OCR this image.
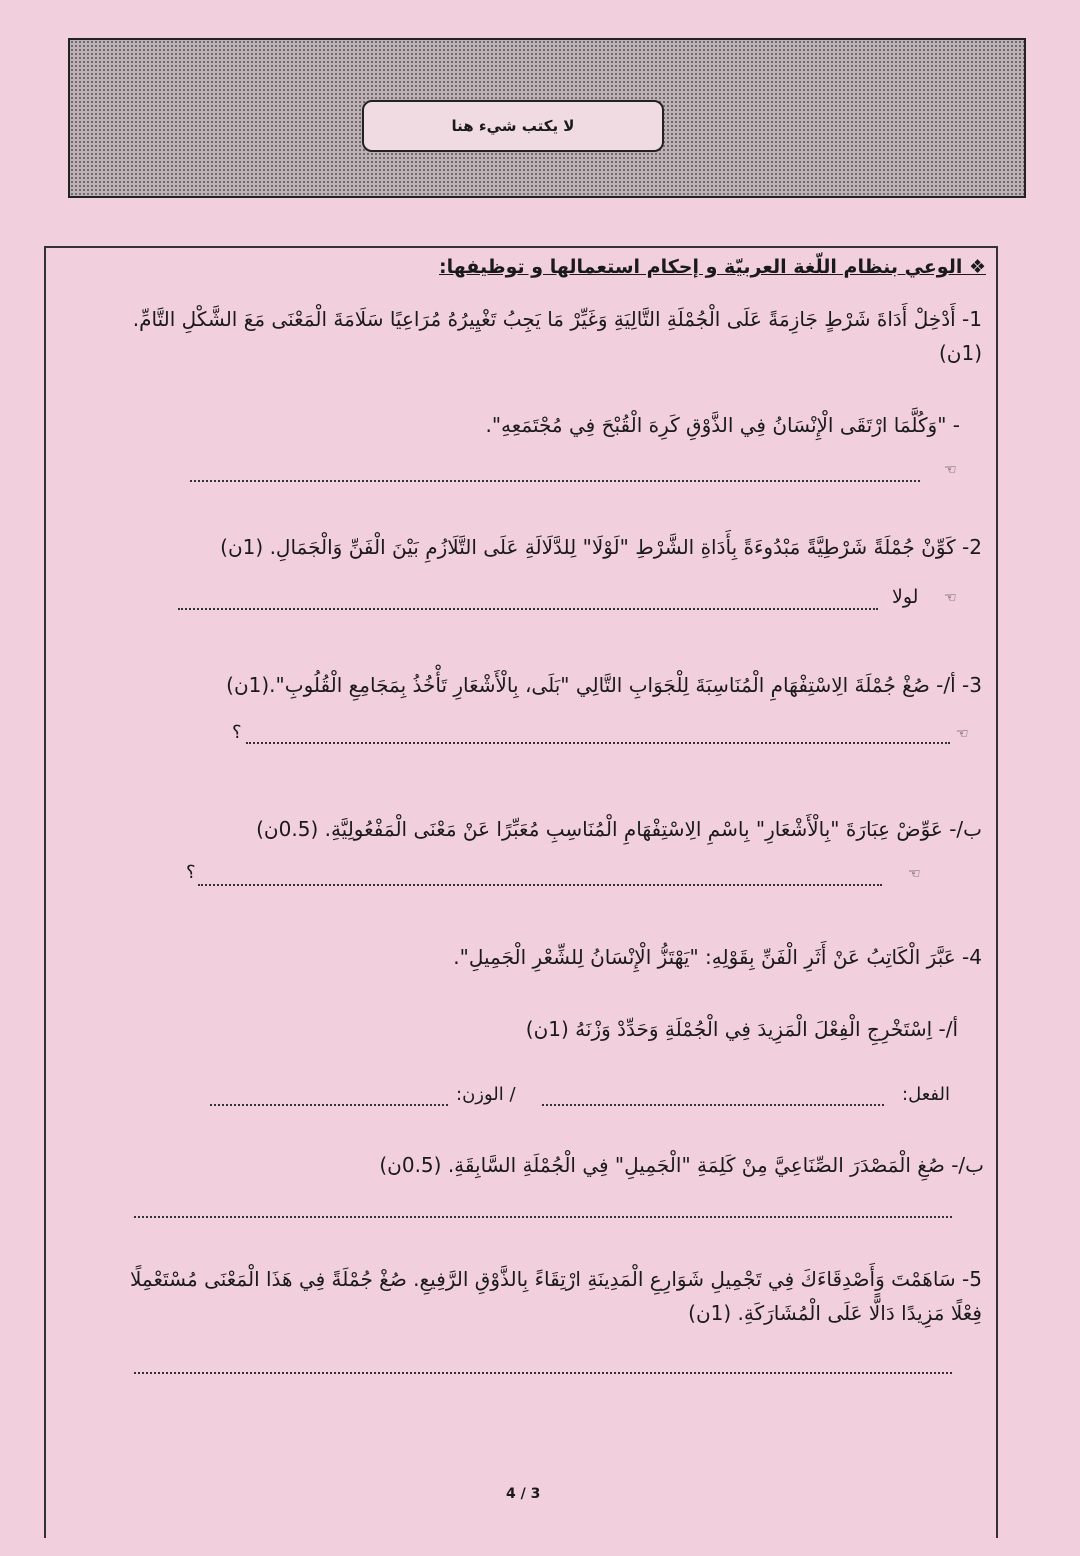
لا يكتب شيء هنا
❖ الوعي بنظام اللّغة العربيّة و إحكام استعمالها و توظيفها:
1- أَدْخِلْ أَدَاةَ شَرْطٍ جَازِمَةً عَلَى الْجُمْلَةِ التَّالِيَةِ وَغَيِّرْ مَا يَجِبُ تَغْيِيرُهُ مُرَاعِيًا سَلَامَةَ الْمَعْنَى مَعَ الشَّكْلِ التَّامِّ. (1ن)
- "وَكُلَّمَا ارْتَقَى الْإِنْسَانُ فِي الذَّوْقِ كَرِهَ الْقُبْحَ فِي مُجْتَمَعِهِ".
☜
2- كَوِّنْ جُمْلَةً شَرْطِيَّةً مَبْدُوءَةً بِأَدَاةِ الشَّرْطِ "لَوْلَا" لِلدَّلَالَةِ عَلَى التَّلَازُمِ بَيْنَ الْفَنِّ وَالْجَمَالِ. (1ن)
☜
لولا
3- أ/- صُغْ جُمْلَةَ الِاسْتِفْهَامِ الْمُنَاسِبَةَ لِلْجَوَابِ التَّالِي "بَلَى، بِالْأَشْعَارِ تَأْخُذُ بِمَجَامِعِ الْقُلُوبِ".(1ن)
☜
؟
ب/- عَوِّضْ عِبَارَةَ "بِالْأَشْعَارِ" بِاسْمِ الِاسْتِفْهَامِ الْمُنَاسِبِ مُعَبِّرًا عَنْ مَعْنَى الْمَفْعُولِيَّةِ. (0.5ن)
☜
؟
4- عَبَّرَ الْكَاتِبُ عَنْ أَثَرِ الْفَنِّ بِقَوْلِهِ: "يَهْتَزُّ الْإِنْسَانُ لِلشِّعْرِ الْجَمِيلِ".
أ/- اِسْتَخْرِجِ الْفِعْلَ الْمَزِيدَ فِي الْجُمْلَةِ وَحَدِّدْ وَزْنَهُ (1ن)
الفعل:
/ الوزن:
ب/- صُغِ الْمَصْدَرَ الصِّنَاعِيَّ مِنْ كَلِمَةِ "الْجَمِيلِ" فِي الْجُمْلَةِ السَّابِقَةِ. (0.5ن)
5- سَاهَمْتَ وَأَصْدِقَاءَكَ فِي تَجْمِيلِ شَوَارِعِ الْمَدِينَةِ ارْتِقَاءً بِالذَّوْقِ الرَّفِيعِ. صُغْ جُمْلَةً فِي هَذَا الْمَعْنَى مُسْتَعْمِلًا فِعْلًا مَزِيدًا دَالًّا عَلَى الْمُشَارَكَةِ. (1ن)
4 / 3
